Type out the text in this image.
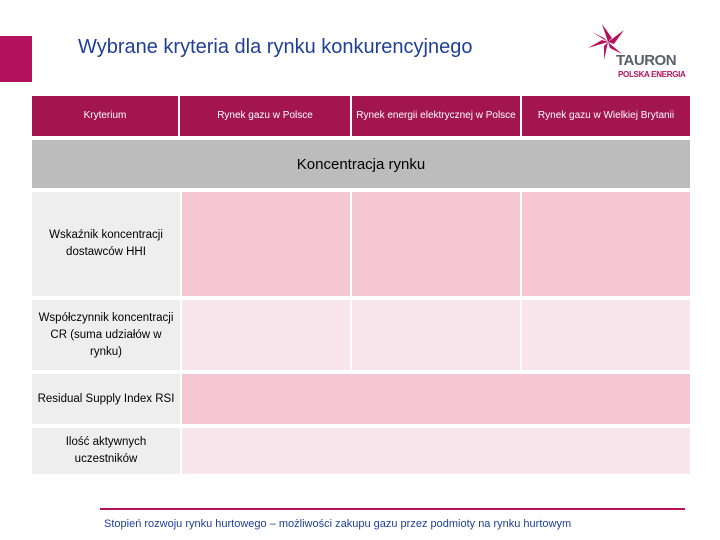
Wybrane kryteria dla rynku konkurencyjnego
TAURON
POLSKA ENERGIA
Kryterium	Rynek gazu w Polsce	Rynek energii elektrycznej w Polsce	Rynek gazu w Wielkiej Brytanii
Koncentracja rynku
Wskaźnik koncentracji dostawców HHI
Współczynnik koncentracji CR (suma udziałów w rynku)
Residual Supply Index RSI
Ilość aktywnych uczestników
Stopień rozwoju rynku hurtowego – możliwości zakupu gazu przez podmioty na rynku hurtowym
